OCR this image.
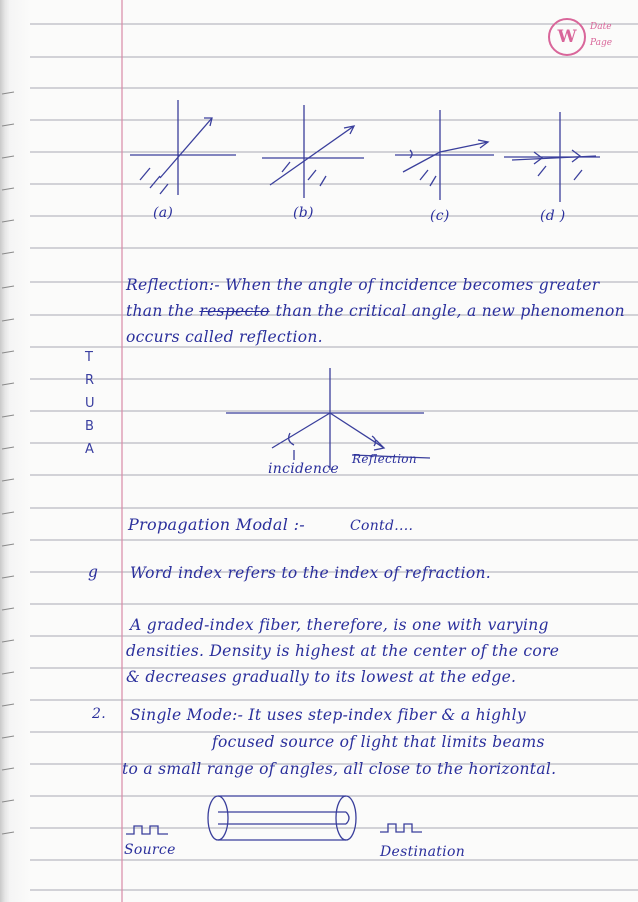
W	Date
Page
(a)	(b)	(c)	(d )
Reflection:- When the angle of incidence becomes greater
than the respecto than the critical angle, a new phenomenon
occurs called reflection.
T
R
U
B
A
incidence
Reflection
Propagation Modal :-	Contd....
g Word index refers to the index of refraction.
A graded-index fiber, therefore, is one with varying
densities. Density is highest at the center of the core
& decreases gradually to its lowest at the edge.
2. Single Mode:- It uses step-index fiber & a highly
focused source of light that limits beams
to a small range of angles, all close to the horizontal.
Source	Destination
